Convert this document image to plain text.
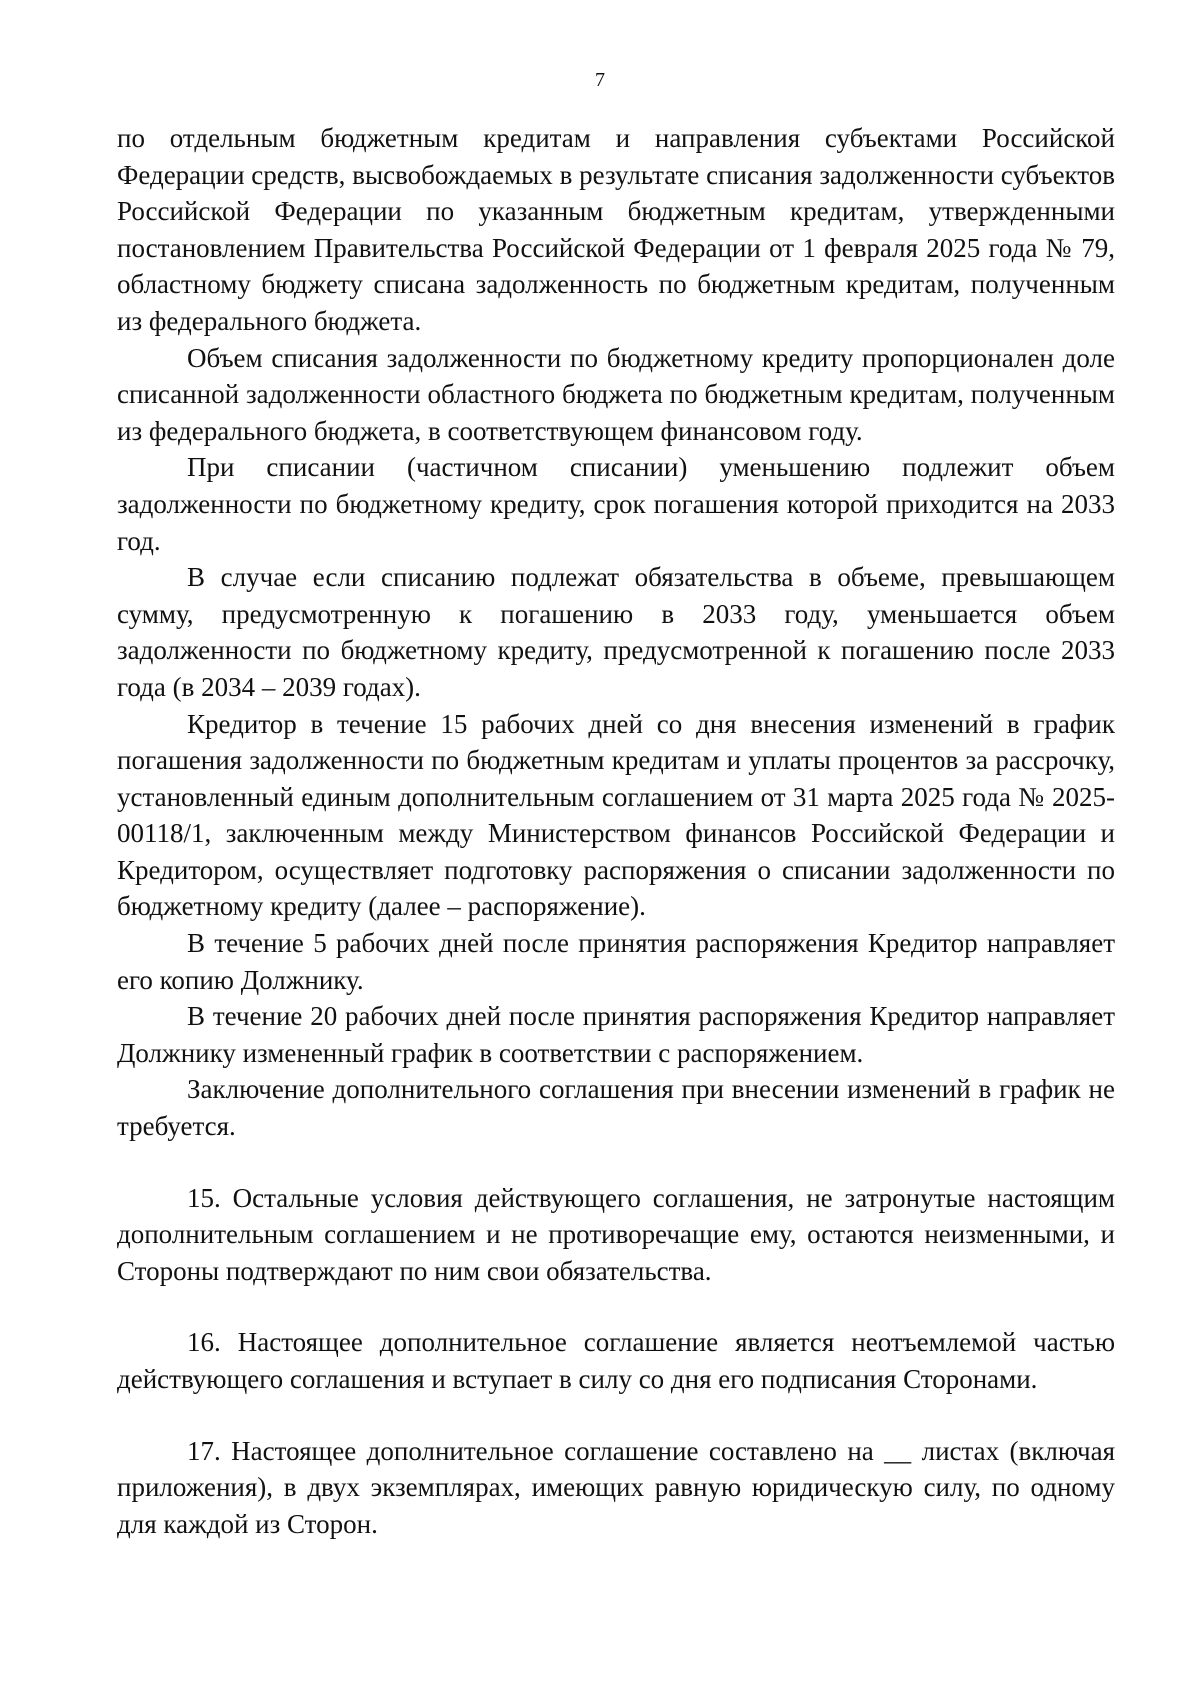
7

по отдельным бюджетным кредитам и направления субъектами Российской Федерации средств, высвобождаемых в результате списания задолженности субъектов Российской Федерации по указанным бюджетным кредитам, утвержденными постановлением Правительства Российской Федерации от 1 февраля 2025 года № 79, областному бюджету списана задолженность по бюджетным кредитам, полученным из федерального бюджета.

Объем списания задолженности по бюджетному кредиту пропорционален доле списанной задолженности областного бюджета по бюджетным кредитам, полученным из федерального бюджета, в соответствующем финансовом году.

При списании (частичном списании) уменьшению подлежит объем задолженности по бюджетному кредиту, срок погашения которой приходится на 2033 год.

В случае если списанию подлежат обязательства в объеме, превышающем сумму, предусмотренную к погашению в 2033 году, уменьшается объем задолженности по бюджетному кредиту, предусмотренной к погашению после 2033 года (в 2034 – 2039 годах).

Кредитор в течение 15 рабочих дней со дня внесения изменений в график погашения задолженности по бюджетным кредитам и уплаты процентов за рассрочку, установленный единым дополнительным соглашением от 31 марта 2025 года № 2025-00118/1, заключенным между Министерством финансов Российской Федерации и Кредитором, осуществляет подготовку распоряжения о списании задолженности по бюджетному кредиту (далее – распоряжение).

В течение 5 рабочих дней после принятия распоряжения Кредитор направляет его копию Должнику.

В течение 20 рабочих дней после принятия распоряжения Кредитор направляет Должнику измененный график в соответствии с распоряжением.

Заключение дополнительного соглашения при внесении изменений в график не требуется.

15. Остальные условия действующего соглашения, не затронутые настоящим дополнительным соглашением и не противоречащие ему, остаются неизменными, и Стороны подтверждают по ним свои обязательства.

16. Настоящее дополнительное соглашение является неотъемлемой частью действующего соглашения и вступает в силу со дня его подписания Сторонами.

17. Настоящее дополнительное соглашение составлено на __ листах (включая приложения), в двух экземплярах, имеющих равную юридическую силу, по одному для каждой из Сторон.
